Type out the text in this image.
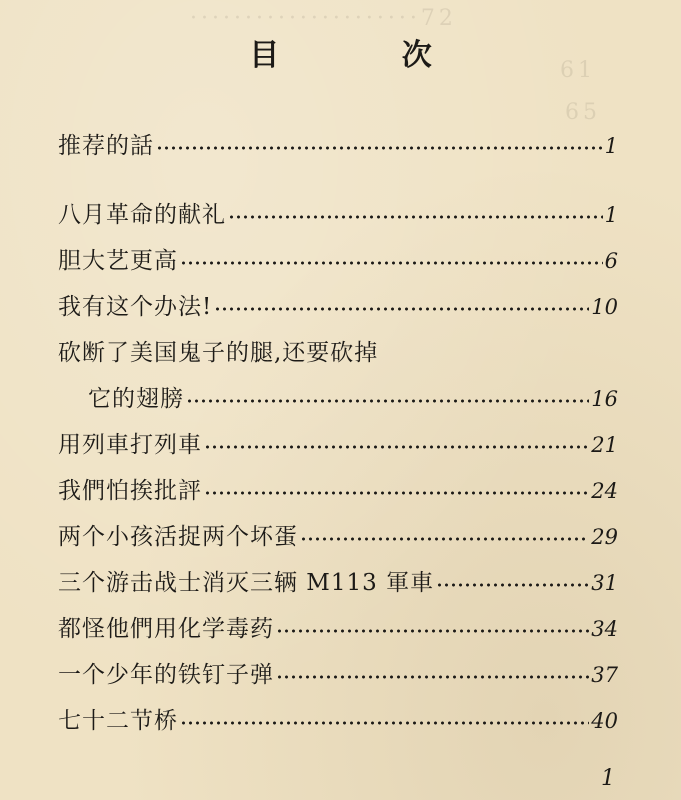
·····················72
61
65
目 次
推荐的話	1
八月革命的献礼	1
胆大艺更高	6
我有这个办法!	10
砍断了美国鬼子的腿,还要砍掉
它的翅膀	16
用列車打列車	21
我們怕挨批評	24
两个小孩活捉两个坏蛋	29
三个游击战士消灭三辆 M113 軍車	31
都怪他們用化学毒药	34
一个少年的铁钉子弹	37
七十二节桥	40
1
